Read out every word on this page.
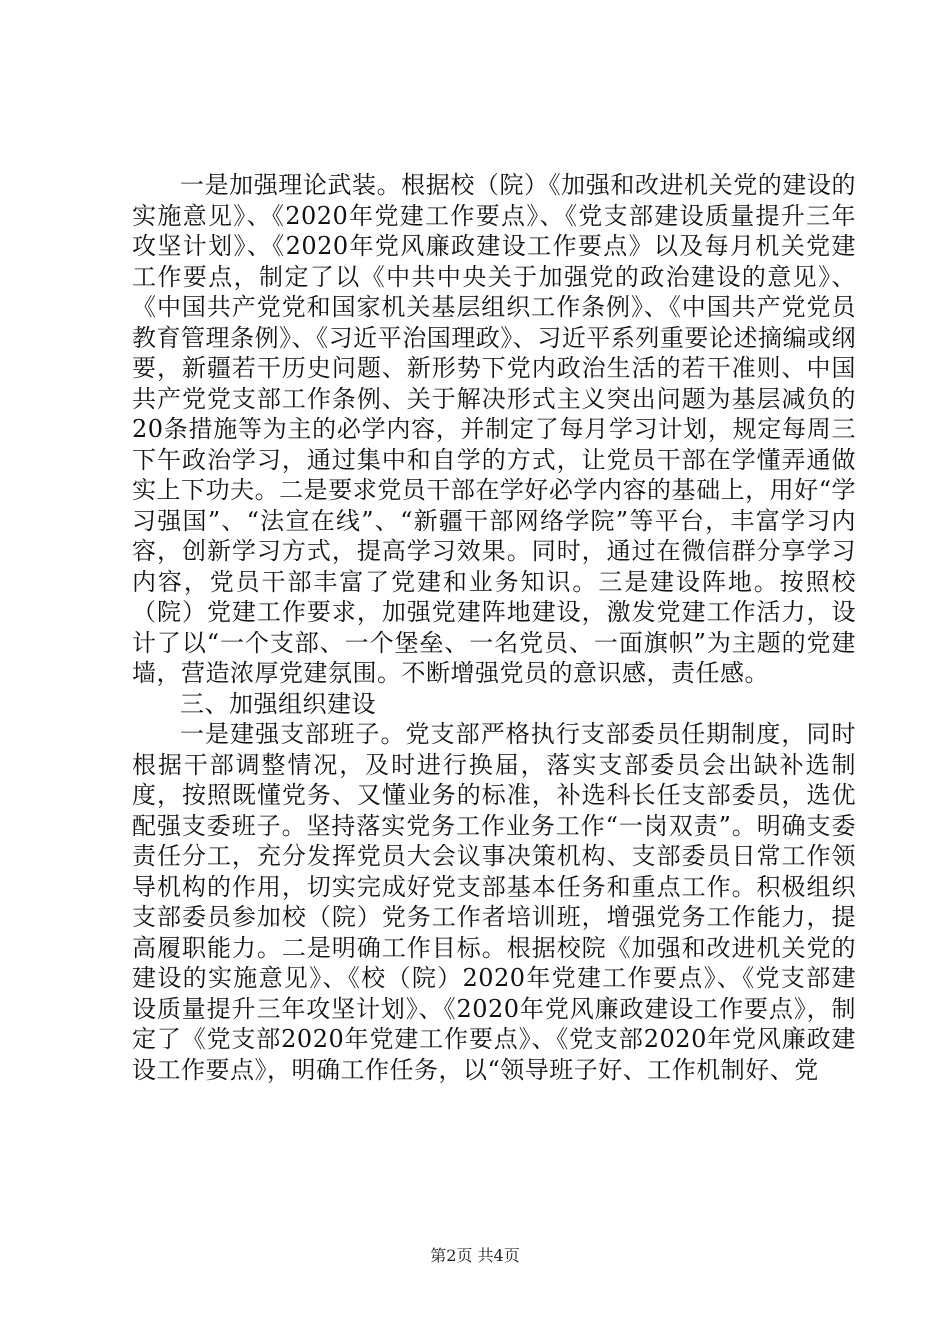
一是加强理论武装。根据校（院）《加强和改进机关党的建设的实施意见》、《2020年党建工作要点》、《党支部建设质量提升三年攻坚计划》、《2020年党风廉政建设工作要点》以及每月机关党建工作要点，制定了以《中共中央关于加强党的政治建设的意见》、《中国共产党党和国家机关基层组织工作条例》、《中国共产党党员教育管理条例》、《习近平治国理政》、习近平系列重要论述摘编或纲要，新疆若干历史问题、新形势下党内政治生活的若干准则、中国共产党党支部工作条例、关于解决形式主义突出问题为基层减负的20条措施等为主的必学内容，并制定了每月学习计划，规定每周三下午政治学习，通过集中和自学的方式，让党员干部在学懂弄通做实上下功夫。二是要求党员干部在学好必学内容的基础上，用好“学习强国”、“法宣在线”、“新疆干部网络学院”等平台，丰富学习内容，创新学习方式，提高学习效果。同时，通过在微信群分享学习内容，党员干部丰富了党建和业务知识。三是建设阵地。按照校（院）党建工作要求，加强党建阵地建设，激发党建工作活力，设计了以“一个支部、一个堡垒、一名党员、一面旗帜”为主题的党建墙，营造浓厚党建氛围。不断增强党员的意识感，责任感。

三、加强组织建设

一是建强支部班子。党支部严格执行支部委员任期制度，同时根据干部调整情况，及时进行换届，落实支部委员会出缺补选制度，按照既懂党务、又懂业务的标准，补选科长任支部委员，选优配强支委班子。坚持落实党务工作业务工作“一岗双责”。明确支委责任分工，充分发挥党员大会议事决策机构、支部委员日常工作领导机构的作用，切实完成好党支部基本任务和重点工作。积极组织支部委员参加校（院）党务工作者培训班，增强党务工作能力，提高履职能力。二是明确工作目标。根据校院《加强和改进机关党的建设的实施意见》、《校（院）2020年党建工作要点》、《党支部建设质量提升三年攻坚计划》、《2020年党风廉政建设工作要点》，制定了《党支部2020年党建工作要点》、《党支部2020年党风廉政建设工作要点》，明确工作任务，以“领导班子好、工作机制好、党

第2页 共4页
